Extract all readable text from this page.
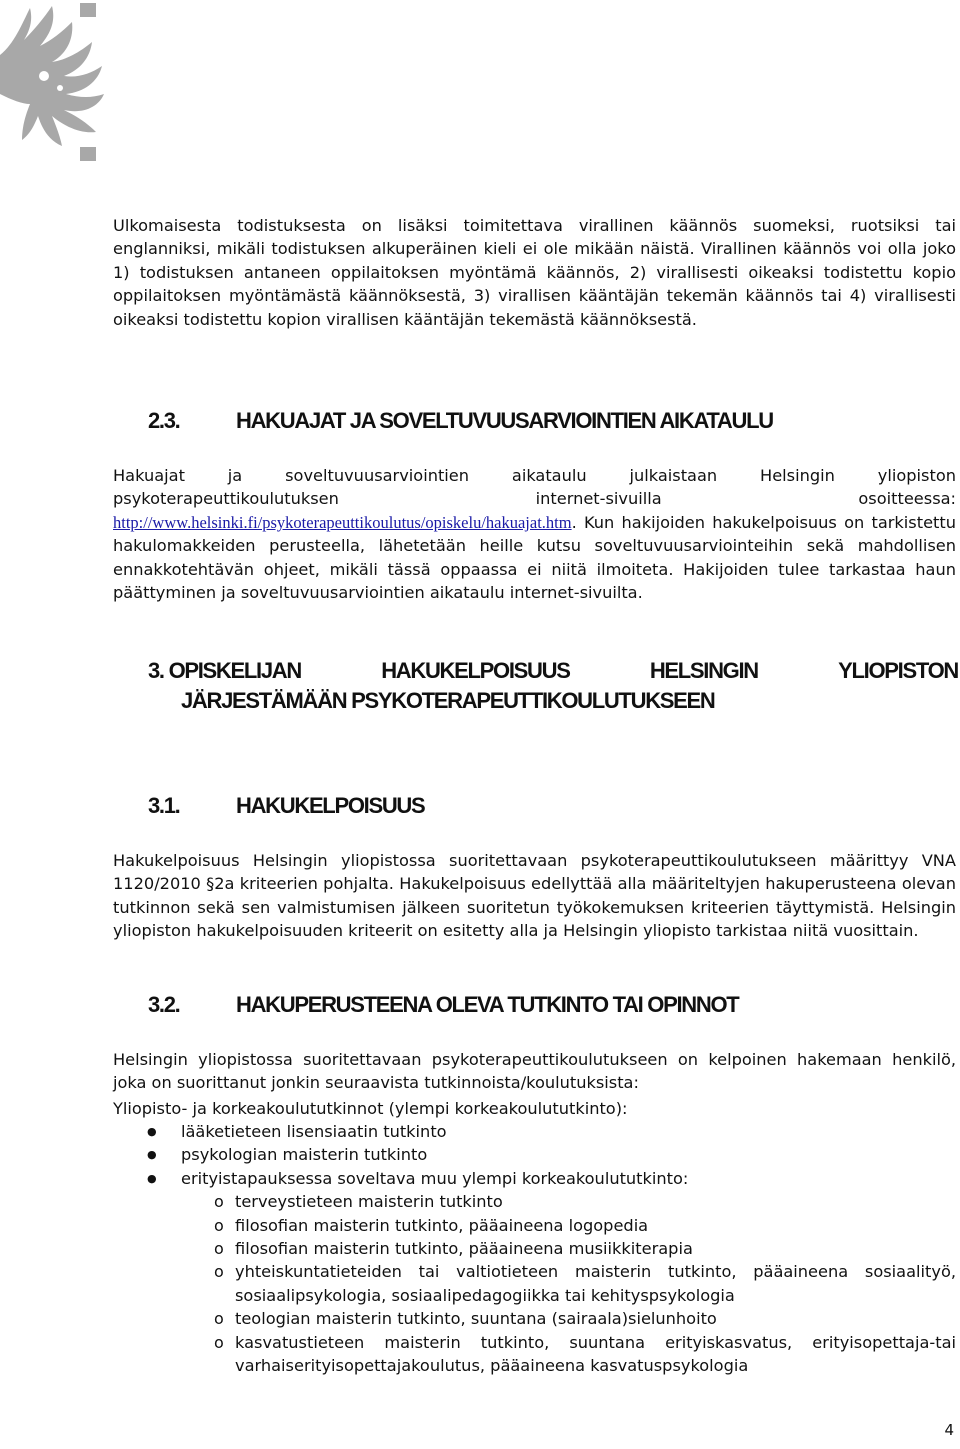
Ulkomaisesta todistuksesta on lisäksi toimitettava virallinen käännös suomeksi, ruotsiksi tai englanniksi, mikäli todistuksen alkuperäinen kieli ei ole mikään näistä. Virallinen käännös voi olla joko 1) todistuksen antaneen oppilaitoksen myöntämä käännös, 2) virallisesti oikeaksi todistettu kopio oppilaitoksen myöntämästä käännöksestä, 3) virallisen kääntäjän tekemän käännös tai 4) virallisesti oikeaksi todistettu kopion virallisen kääntäjän tekemästä käännöksestä.

2.3.	HAKUAJAT JA SOVELTUVUUSARVIOINTIEN AIKATAULU

Hakuajat ja soveltuvuusarviointien aikataulu julkaistaan Helsingin yliopiston psykoterapeuttikoulutuksen internet-sivuilla osoitteessa: http://www.helsinki.fi/psykoterapeuttikoulutus/opiskelu/hakuajat.htm. Kun hakijoiden hakukelpoisuus on tarkistettu hakulomakkeiden perusteella, lähetetään heille kutsu soveltuvuusarviointeihin sekä mahdollisen ennakkotehtävän ohjeet, mikäli tässä oppaassa ei niitä ilmoiteta. Hakijoiden tulee tarkastaa haun päättyminen ja soveltuvuusarviointien aikataulu internet-sivuilta.

3. OPISKELIJAN	HAKUKELPOISUUS	HELSINGIN	YLIOPISTON
JÄRJESTÄMÄÄN PSYKOTERAPEUTTIKOULUTUKSEEN
3.1.	HAKUKELPOISUUS

Hakukelpoisuus Helsingin yliopistossa suoritettavaan psykoterapeuttikoulutukseen määrittyy VNA 1120/2010 §2a kriteerien pohjalta. Hakukelpoisuus edellyttää alla määriteltyjen hakuperusteena olevan tutkinnon sekä sen valmistumisen jälkeen suoritetun työkokemuksen kriteerien täyttymistä. Helsingin yliopiston hakukelpoisuuden kriteerit on esitetty alla ja Helsingin yliopisto tarkistaa niitä vuosittain.

3.2.	HAKUPERUSTEENA OLEVA TUTKINTO TAI OPINNOT

Helsingin yliopistossa suoritettavaan psykoterapeuttikoulutukseen on kelpoinen hakemaan henkilö, joka on suorittanut jonkin seuraavista tutkinnoista/koulutuksista:

Yliopisto- ja korkeakoulututkinnot (ylempi korkeakoulututkinto):

● lääketieteen lisensiaatin tutkinto
● psykologian maisterin tutkinto
● erityistapauksessa soveltava muu ylempi korkeakoulututkinto:
o terveystieteen maisterin tutkinto
o filosofian maisterin tutkinto, pääaineena logopedia
o filosofian maisterin tutkinto, pääaineena musiikkiterapia
o yhteiskuntatieteiden tai valtiotieteen maisterin tutkinto, pääaineena sosiaalityö, sosiaalipsykologia, sosiaalipedagogiikka tai kehityspsykologia
o teologian maisterin tutkinto, suuntana (sairaala)sielunhoito
o kasvatustieteen maisterin tutkinto, suuntana erityiskasvatus, erityisopettaja-tai varhaiserityisopettajakoulutus, pääaineena kasvatuspsykologia
4
